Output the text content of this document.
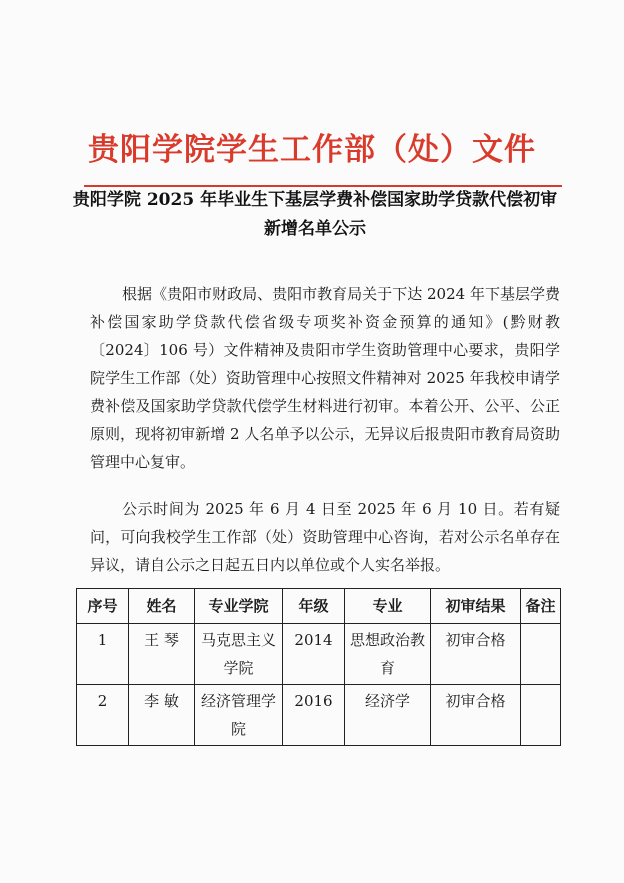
贵阳学院学生工作部（处）文件
贵阳学院 2025 年毕业生下基层学费补偿国家助学贷款代偿初审新增名单公示

根据《贵阳市财政局、贵阳市教育局关于下达 2024 年下基层学费补偿国家助学贷款代偿省级专项奖补资金预算的通知》(黔财教〔2024〕106 号）文件精神及贵阳市学生资助管理中心要求，贵阳学院学生工作部（处）资助管理中心按照文件精神对 2025 年我校申请学费补偿及国家助学贷款代偿学生材料进行初审。本着公开、公平、公正原则，现将初审新增 2 人名单予以公示，无异议后报贵阳市教育局资助管理中心复审。

公示时间为 2025 年 6 月 4 日至 2025 年 6 月 10 日。若有疑问，可向我校学生工作部（处）资助管理中心咨询，若对公示名单存在异议，请自公示之日起五日内以单位或个人实名举报。

序号	姓名	专业学院	年级	专业	初审结果	备注
1	王 琴	马克思主义学院	2014	思想政治教育	初审合格	
2	李 敏	经济管理学院	2016	经济学	初审合格	
